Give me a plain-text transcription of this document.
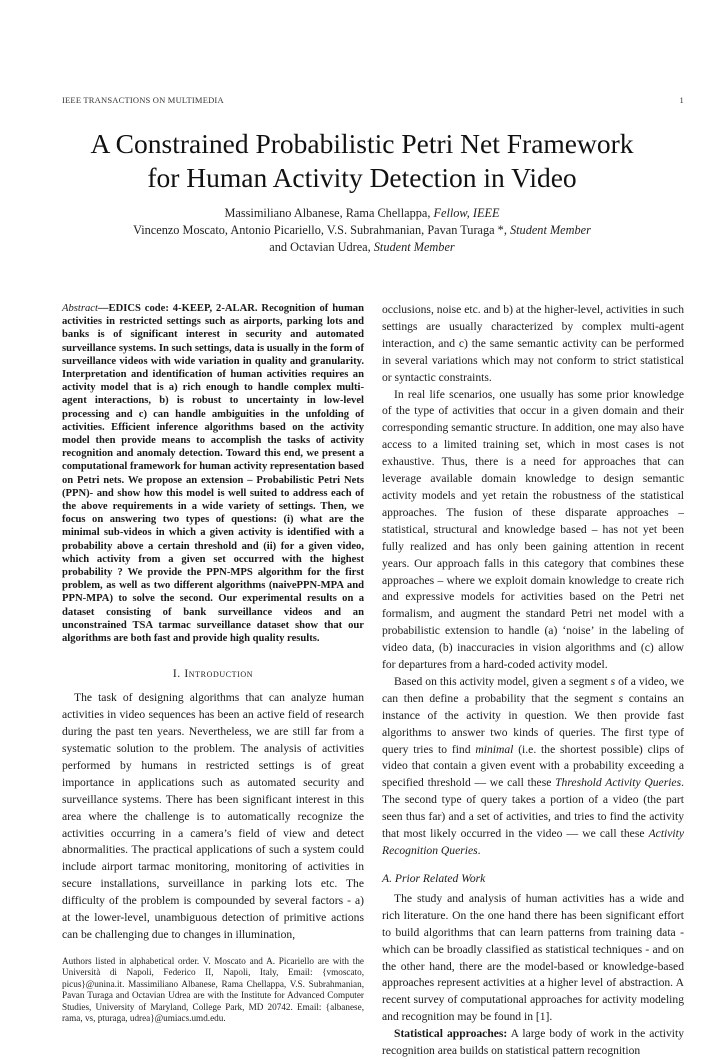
IEEE TRANSACTIONS ON MULTIMEDIA	1
A Constrained Probabilistic Petri Net Framework
for Human Activity Detection in Video
Massimiliano Albanese, Rama Chellappa, Fellow, IEEE
Vincenzo Moscato, Antonio Picariello, V.S. Subrahmanian, Pavan Turaga *, Student Member
and Octavian Udrea, Student Member
Abstract—EDICS code: 4-KEEP, 2-ALAR. Recognition of human activities in restricted settings such as airports, parking lots and banks is of significant interest in security and automated surveillance systems. In such settings, data is usually in the form of surveillance videos with wide variation in quality and granularity. Interpretation and identification of human activities requires an activity model that is a) rich enough to handle complex multi-agent interactions, b) is robust to uncertainty in low-level processing and c) can handle ambiguities in the unfolding of activities. Efficient inference algorithms based on the activity model then provide means to accomplish the tasks of activity recognition and anomaly detection. Toward this end, we present a computational framework for human activity representation based on Petri nets. We propose an extension – Probabilistic Petri Nets (PPN)- and show how this model is well suited to address each of the above requirements in a wide variety of settings. Then, we focus on answering two types of questions: (i) what are the minimal sub-videos in which a given activity is identified with a probability above a certain threshold and (ii) for a given video, which activity from a given set occurred with the highest probability ? We provide the PPN-MPS algorithm for the first problem, as well as two different algorithms (naivePPN-MPA and PPN-MPA) to solve the second. Our experimental results on a dataset consisting of bank surveillance videos and an unconstrained TSA tarmac surveillance dataset show that our algorithms are both fast and provide high quality results.
I. Introduction

The task of designing algorithms that can analyze human activities in video sequences has been an active field of research during the past ten years. Nevertheless, we are still far from a systematic solution to the problem. The analysis of activities performed by humans in restricted settings is of great importance in applications such as automated security and surveillance systems. There has been significant interest in this area where the challenge is to automatically recognize the activities occurring in a camera’s field of view and detect abnormalities. The practical applications of such a system could include airport tarmac monitoring, monitoring of activities in secure installations, surveillance in parking lots etc. The difficulty of the problem is compounded by several factors - a) at the lower-level, unambiguous detection of primitive actions can be challenging due to changes in illumination,

Authors listed in alphabetical order. V. Moscato and A. Picariello are with the Università di Napoli, Federico II, Napoli, Italy, Email: {vmoscato, picus}@unina.it. Massimiliano Albanese, Rama Chellappa, V.S. Subrahmanian, Pavan Turaga and Octavian Udrea are with the Institute for Advanced Computer Studies, University of Maryland, College Park, MD 20742. Email: {albanese, rama, vs, pturaga, udrea}@umiacs.umd.edu.

occlusions, noise etc. and b) at the higher-level, activities in such settings are usually characterized by complex multi-agent interaction, and c) the same semantic activity can be performed in several variations which may not conform to strict statistical or syntactic constraints.

In real life scenarios, one usually has some prior knowledge of the type of activities that occur in a given domain and their corresponding semantic structure. In addition, one may also have access to a limited training set, which in most cases is not exhaustive. Thus, there is a need for approaches that can leverage available domain knowledge to design semantic activity models and yet retain the robustness of the statistical approaches. The fusion of these disparate approaches – statistical, structural and knowledge based – has not yet been fully realized and has only been gaining attention in recent years. Our approach falls in this category that combines these approaches – where we exploit domain knowledge to create rich and expressive models for activities based on the Petri net formalism, and augment the standard Petri net model with a probabilistic extension to handle (a) ‘noise’ in the labeling of video data, (b) inaccuracies in vision algorithms and (c) allow for departures from a hard-coded activity model.

Based on this activity model, given a segment s of a video, we can then define a probability that the segment s contains an instance of the activity in question. We then provide fast algorithms to answer two kinds of queries. The first type of query tries to find minimal (i.e. the shortest possible) clips of video that contain a given event with a probability exceeding a specified threshold — we call these Threshold Activity Queries. The second type of query takes a portion of a video (the part seen thus far) and a set of activities, and tries to find the activity that most likely occurred in the video — we call these Activity Recognition Queries.

A. Prior Related Work

The study and analysis of human activities has a wide and rich literature. On the one hand there has been significant effort to build algorithms that can learn patterns from training data - which can be broadly classified as statistical techniques - and on the other hand, there are the model-based or knowledge-based approaches represent activities at a higher level of abstraction. A recent survey of computational approaches for activity modeling and recognition may be found in [1].

Statistical approaches: A large body of work in the activity recognition area builds on statistical pattern recognition
